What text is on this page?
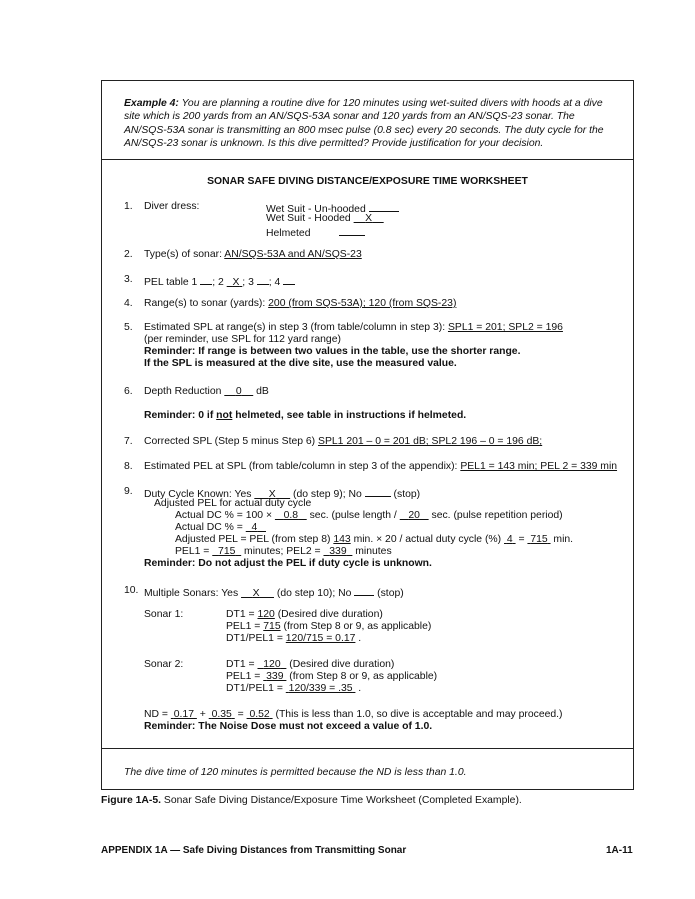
Example 4: You are planning a routine dive for 120 minutes using wet-suited divers with hoods at a dive site which is 200 yards from an AN/SQS-53A sonar and 120 yards from an AN/SQS-23 sonar. The AN/SQS-53A sonar is transmitting an 800 msec pulse (0.8 sec) every 20 seconds. The duty cycle for the AN/SQS-23 sonar is unknown. Is this dive permitted? Provide justification for your decision.
SONAR SAFE DIVING DISTANCE/EXPOSURE TIME WORKSHEET
1. Diver dress:	Wet Suit - Un-hooded
Wet Suit - Hooded X
Helmeted
2. Type(s) of sonar: AN/SQS-53A and AN/SQS-23
3. PEL table 1 ; 2   X ; 3 ; 4
4. Range(s) to sonar (yards): 200 (from SQS-53A); 120 (from SQS-23)
5. Estimated SPL at range(s) in step 3 (from table/column in step 3): SPL1 = 201; SPL2 = 196
(per reminder, use SPL for 112 yard range)
Reminder: If range is between two values in the table, use the shorter range.
If the SPL is measured at the dive site, use the measured value.
6. Depth Reduction     0     dB
Reminder: 0 if not helmeted, see table in instructions if helmeted.
7. Corrected SPL (Step 5 minus Step 6) SPL1 201 – 0 = 201 dB; SPL2 196 – 0 = 196 dB;
8. Estimated PEL at SPL (from table/column in step 3 of the appendix): PEL1 = 143 min; PEL 2 = 339 min
9. Duty Cycle Known: Yes      X      (do step 9); No	(stop)
Adjusted PEL for actual duty cycle
Actual DC % = 100 ×    0.8    sec. (pulse length /    20    sec. (pulse repetition period)
Actual DC % =   4
Adjusted PEL = PEL (from step 8) 143 min. × 20 / actual duty cycle (%)  4  =  715  min.
PEL1 =   715   minutes; PEL2 =   339   minutes
Reminder: Do not adjust the PEL if duty cycle is unknown.
10. Multiple Sonars: Yes     X      (do step 10); No  (stop)
Sonar 1:	DT1 = 120 (Desired dive duration)
PEL1 = 715 (from Step 8 or 9, as applicable)
DT1/PEL1 = 120/715 = 0.17 .
Sonar 2:	DT1 =   120   (Desired dive duration)
PEL1 =  339  (from Step 8 or 9, as applicable)
DT1/PEL1 =  120/339 = .35  .
ND =  0.17  +  0.35  =  0.52  (This is less than 1.0, so dive is acceptable and may proceed.)
Reminder: The Noise Dose must not exceed a value of 1.0.
The dive time of 120 minutes is permitted because the ND is less than 1.0.
Figure 1A-5. Sonar Safe Diving Distance/Exposure Time Worksheet (Completed Example).
APPENDIX 1A — Safe Diving Distances from Transmitting Sonar	1A-11
